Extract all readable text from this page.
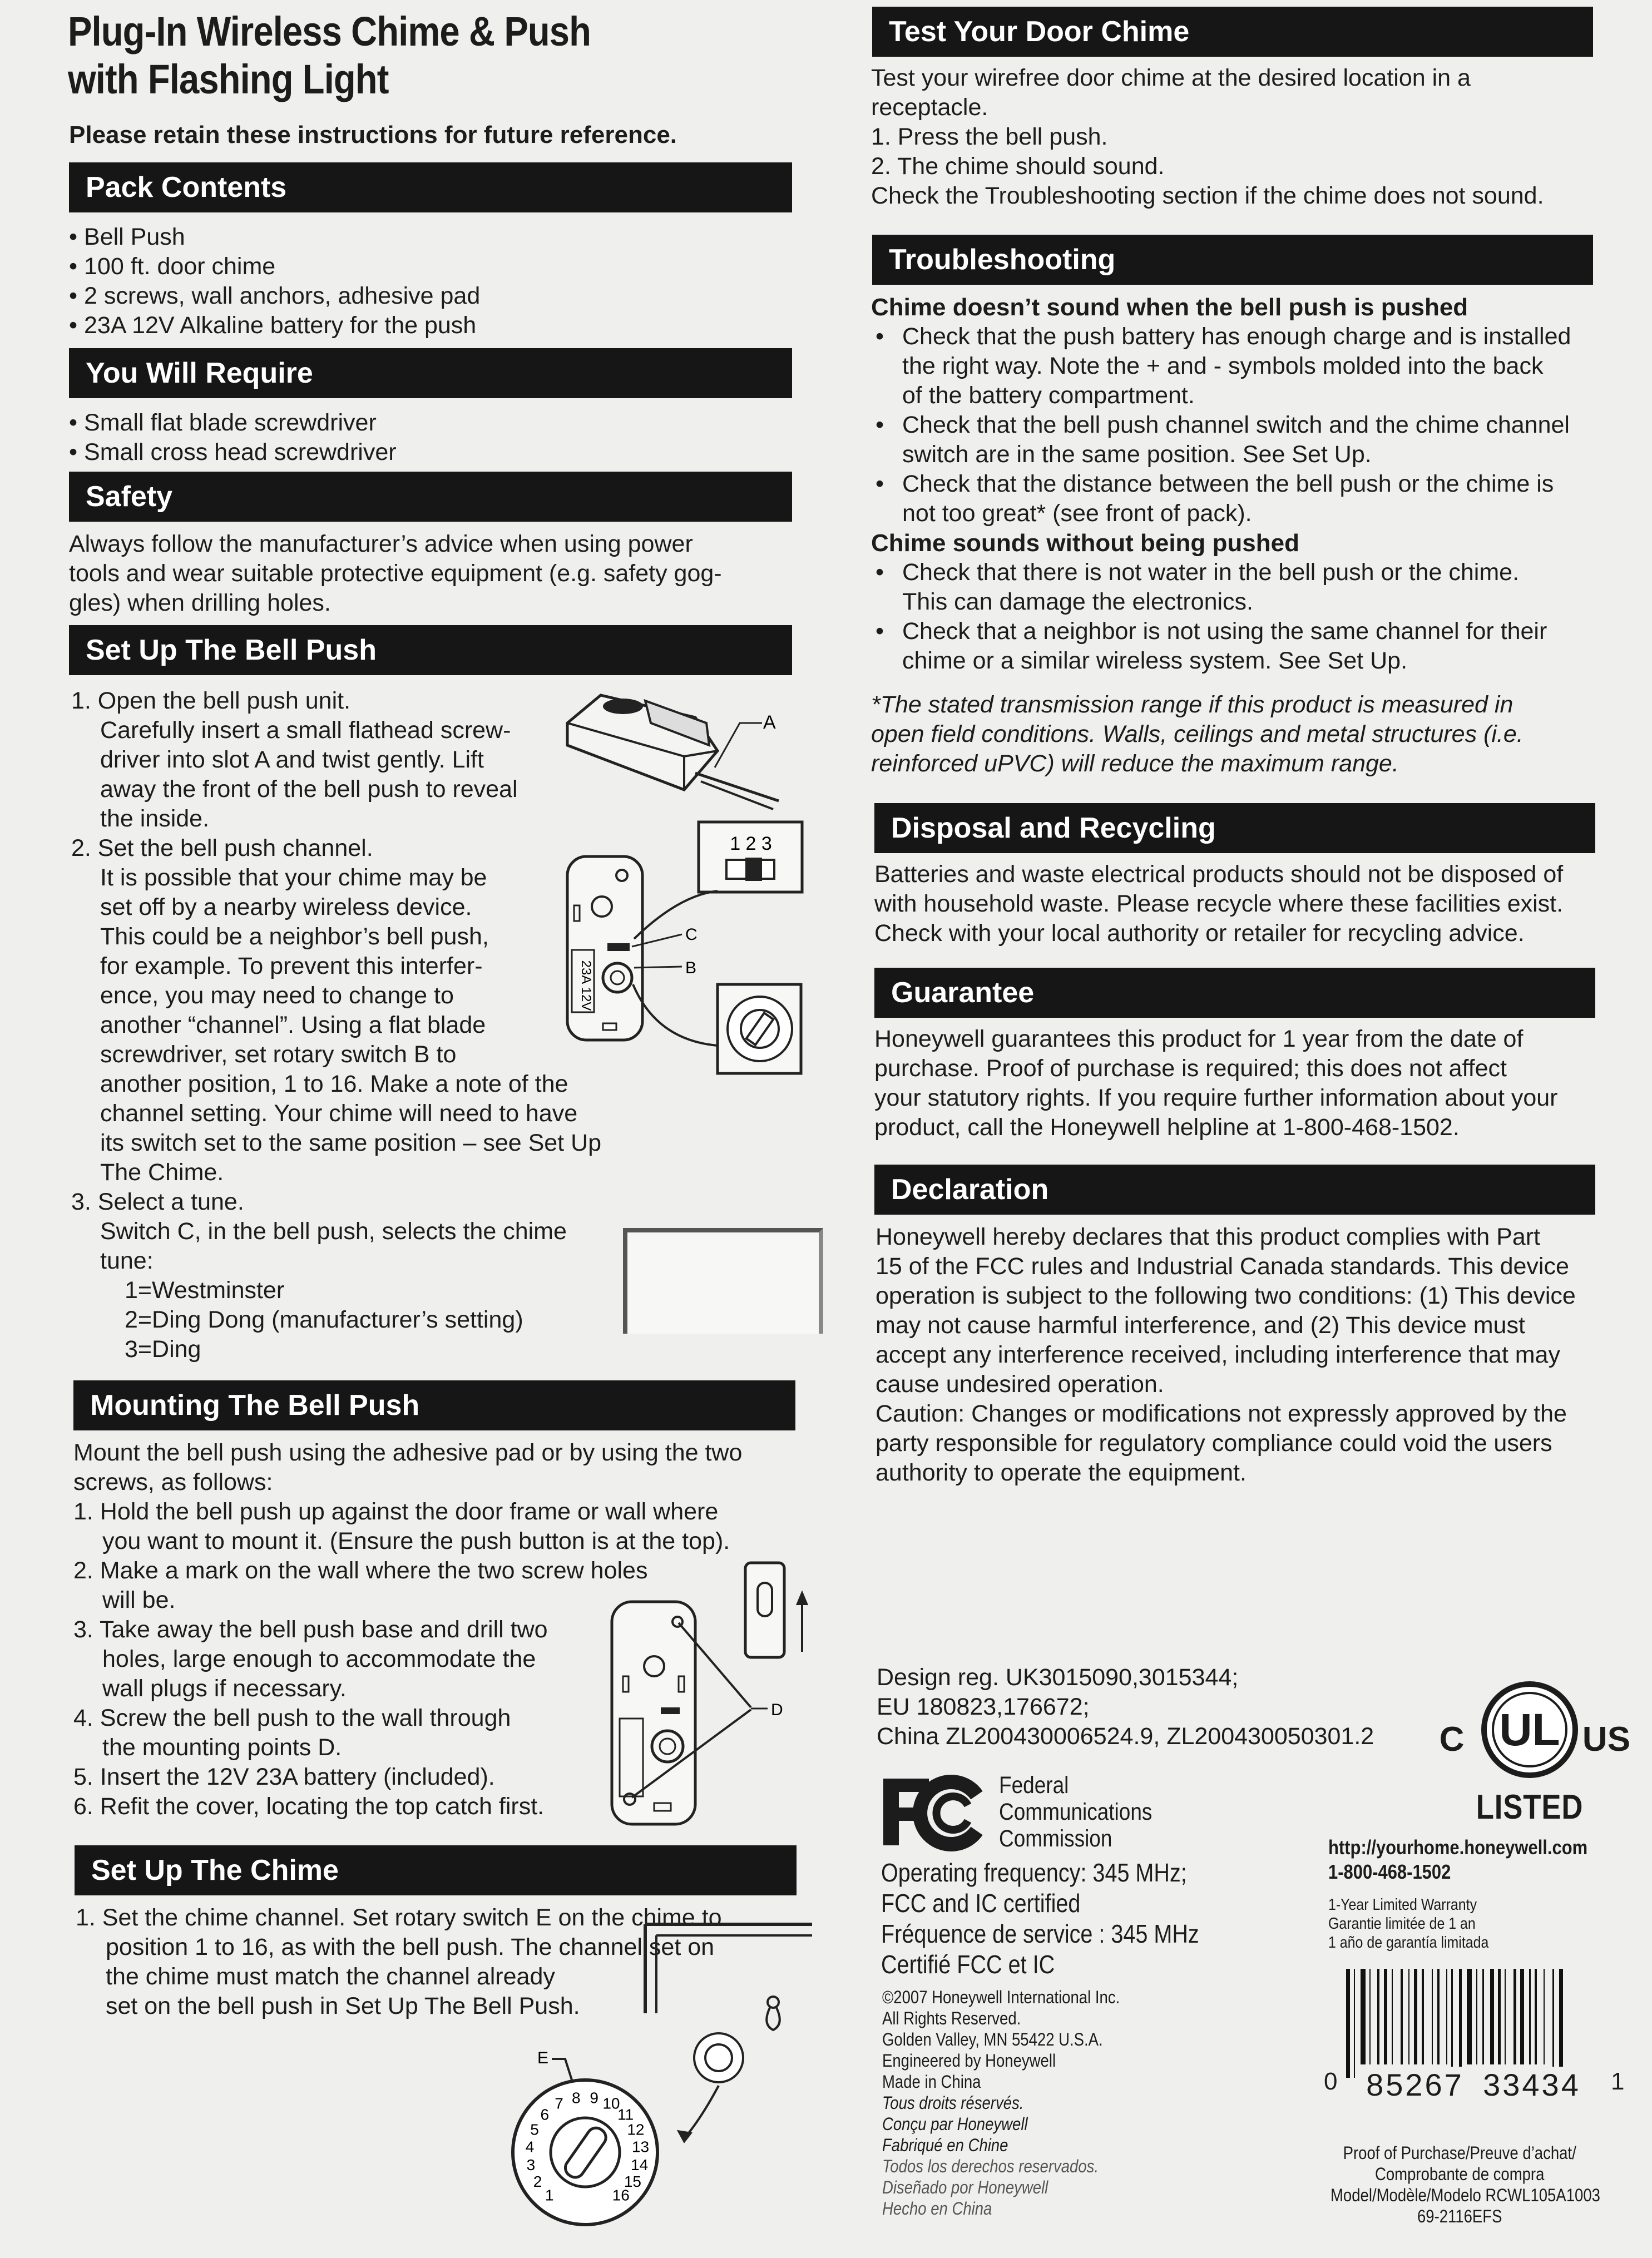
Plug-In Wireless Chime & Push
with Flashing Light
Please retain these instructions for future reference.
Pack Contents
• Bell Push
• 100 ft. door chime
• 2 screws, wall anchors, adhesive pad
• 23A 12V Alkaline battery for the push
You Will Require
• Small flat blade screwdriver
• Small cross head screwdriver
Safety
Always follow the manufacturer’s advice when using power
tools and wear suitable protective equipment (e.g. safety gog-
gles) when drilling holes.
Set Up The Bell Push
1. Open the bell push unit.
Carefully insert a small flathead screw-
driver into slot A and twist gently. Lift
away the front of the bell push to reveal
the inside.
2. Set the bell push channel.
It is possible that your chime may be
set off by a nearby wireless device.
This could be a neighbor’s bell push,
for example. To prevent this interfer-
ence, you may need to change to
another “channel”. Using a flat blade
screwdriver, set rotary switch B to
another position, 1 to 16. Make a note of the
channel setting. Your chime will need to have
its switch set to the same position – see Set Up
The Chime.
3. Select a tune.
Switch C, in the bell push, selects the chime
tune:
1=Westminster
2=Ding Dong (manufacturer’s setting)
3=Ding
A
1 2 3
23A 12V
C
B
Mounting The Bell Push
Mount the bell push using the adhesive pad or by using the two
screws, as follows:
1. Hold the bell push up against the door frame or wall where
you want to mount it. (Ensure the push button is at the top).
2. Make a mark on the wall where the two screw holes
will be.
3. Take away the bell push base and drill two
holes, large enough to accommodate the
wall plugs if necessary.
4. Screw the bell push to the wall through
the mounting points D.
5. Insert the 12V 23A battery (included).
6. Refit the cover, locating the top catch first.
D
Set Up The Chime
1. Set the chime channel. Set rotary switch E on the chime to
position 1 to 16, as with the bell push. The channel set on
the chime must match the channel already
set on the bell push in Set Up The Bell Push.
E
1
2
3
4
5
6
7 8 9 10
11
12
13
14
15
16
Test Your Door Chime
Test your wirefree door chime at the desired location in a
receptacle.
1. Press the bell push.
2. The chime should sound.
Check the Troubleshooting section if the chime does not sound.
Troubleshooting
Chime doesn’t sound when the bell push is pushed
• Check that the push battery has enough charge and is installed
the right way. Note the + and - symbols molded into the back
of the battery compartment.
• Check that the bell push channel switch and the chime channel
switch are in the same position. See Set Up.
• Check that the distance between the bell push or the chime is
not too great* (see front of pack).
Chime sounds without being pushed
• Check that there is not water in the bell push or the chime.
This can damage the electronics.
• Check that a neighbor is not using the same channel for their
chime or a similar wireless system. See Set Up.
*The stated transmission range if this product is measured in
open field conditions. Walls, ceilings and metal structures (i.e.
reinforced uPVC) will reduce the maximum range.
Disposal and Recycling
Batteries and waste electrical products should not be disposed of
with household waste. Please recycle where these facilities exist.
Check with your local authority or retailer for recycling advice.
Guarantee
Honeywell guarantees this product for 1 year from the date of
purchase. Proof of purchase is required; this does not affect
your statutory rights. If you require further information about your
product, call the Honeywell helpline at 1-800-468-1502.
Declaration
Honeywell hereby declares that this product complies with Part
15 of the FCC rules and Industrial Canada standards. This device
operation is subject to the following two conditions: (1) This device
may not cause harmful interference, and (2) This device must
accept any interference received, including interference that may
cause undesired operation.
Caution: Changes or modifications not expressly approved by the
party responsible for regulatory compliance could void the users
authority to operate the equipment.
Design reg. UK3015090,3015344;
EU 180823,176672;
China ZL200430006524.9, ZL200430050301.2
Federal
Communications
Commission
Operating frequency: 345 MHz;
FCC and IC certified
Fréquence de service : 345 MHz
Certifié FCC et IC
©2007 Honeywell International Inc.
All Rights Reserved.
Golden Valley, MN 55422 U.S.A.
Engineered by Honeywell
Made in China
Tous droits réservés.
Conçu par Honeywell
Fabriqué en Chine
Todos los derechos reservados.
Diseñado por Honeywell
Hecho en China
UL
C	US
LISTED
http://yourhome.honeywell.com
1-800-468-1502
1-Year Limited Warranty
Garantie limitée de 1 an
1 año de garantía limitada
0 85267 33434 1
Proof of Purchase/Preuve d’achat/
Comprobante de compra
Model/Modèle/Modelo RCWL105A1003
69-2116EFS
